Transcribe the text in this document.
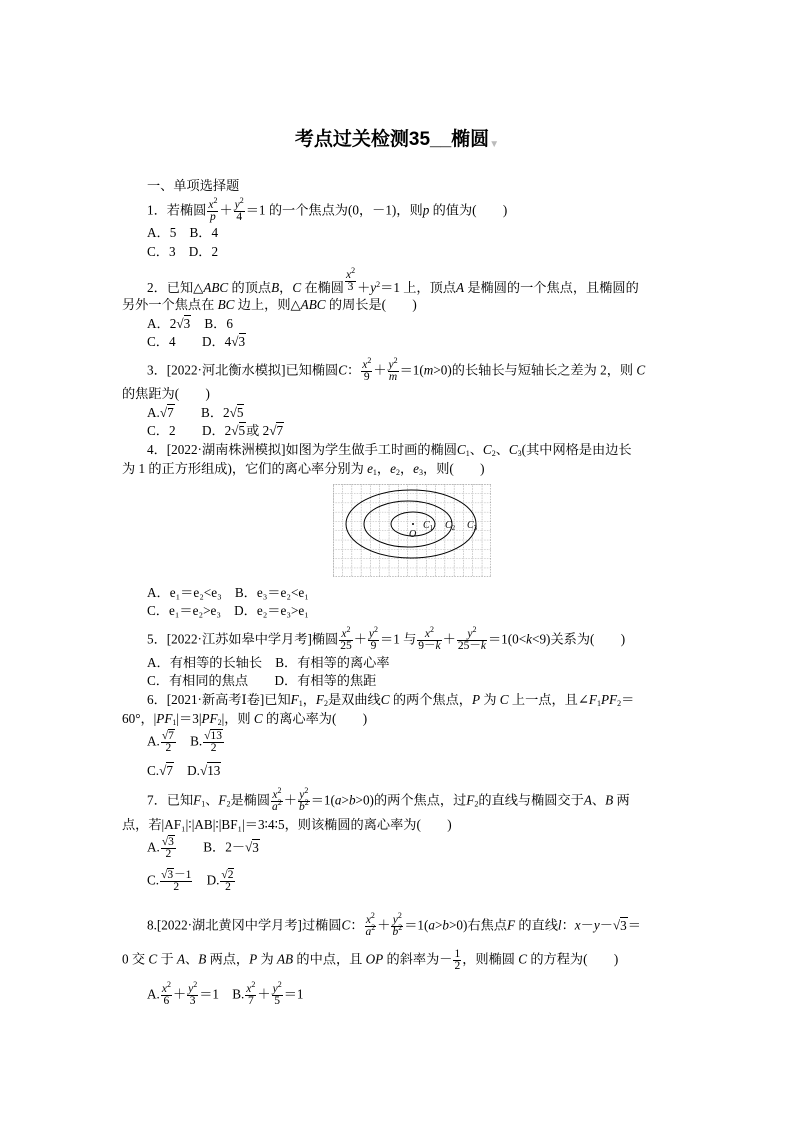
考点过关检测35__椭圆▼
一、单项选择题
1．若椭圆 $\frac{x^2}{p} + \frac{y^2}{4} =1$ 的一个焦点为(0，－1)，则p 的值为(　　)
A．5　B．4
C．3　D．2
2．已知△ABC 的顶点B，C 在椭圆 $\frac{x^2}{3} +y^2=1$ 上，顶点A 是椭圆的一个焦点，且椭圆的
另外一个焦点在 BC 边上，则△ABC 的周长是(　　)
A．2√3　 B．6
C．4　　 D．4√3
3．[2022·河北衡水模拟]已知椭圆C： $\frac{x^2}{9} + \frac{y^2}{m} =1(m>0)$的长轴长与短轴长之差为 2，则 C
的焦距为(　　)
A.√7　　 B．2√5
C．2　　 D．2√5或 2√7
4．[2022·湖南株洲模拟]如图为学生做手工时画的椭圆$C_1$、$C_2$、$C_3$(其中网格是由边长
为 1 的正方形组成)，它们的离心率分别为 $e_1$，$e_2$，$e_3$，则(　　)
O
$C_1$ $C_2$ $C_3$
A．e₁＝e₂<e₃　B．e₃＝e₂<e₁
C．e₁＝e₂>e₃　D．e₂＝e₃>e₁
5．[2022·江苏如皋中学月考]椭圆 $\frac{x^2}{25} + \frac{y^2}{9} =1$ 与 $\frac{x^2}{9-k} + \frac{y^2}{25-k} =1(0<k<9)$关系为(　　)
A．有相等的长轴长　B．有相等的离心率
C．有相同的焦点　　D．有相等的焦距
6．[2021·新高考Ⅰ卷]已知$F_1$，$F_2$是双曲线C 的两个焦点，P 为 C 上一点，且$\angle F_1PF_2=$
60°，$|PF_1|=3|PF_2|$，则 C 的离心率为(　　)
A. $\frac{√7}{2}$
　 B. $\frac{√13}{2}$
C.√7　 D.√13
7．已知$F_1$、$F_2$是椭圆 $\frac{x^2}{a^2} + \frac{y^2}{b^2} =1(a>b>0)$的两个焦点，过$F_2$的直线与椭圆交于A、B 两
点，若|AF₁|∶|AB|∶|BF₁|＝3∶4∶5，则该椭圆的离心率为(　　)
A. $\frac{√3}{2}$
　　 B．2－√3
C. $\frac{√3-1}{2}$
　 D. $\frac{√2}{2}$
8.[2022·湖北黄冈中学月考]过椭圆C： $\frac{x^2}{a^2} + \frac{y^2}{b^2} =1(a>b>0)$右焦点F 的直线l：x－y－√3＝
0 交 C 于 A、B 两点，P 为 AB 的中点，且 OP 的斜率为－ $\frac{1}{2}$ ，则椭圆 C 的方程为(　　)
A. $\frac{x^2}{6} + \frac{y^2}{3} =1$　B. $\frac{x^2}{7} + \frac{y^2}{5} =1$
